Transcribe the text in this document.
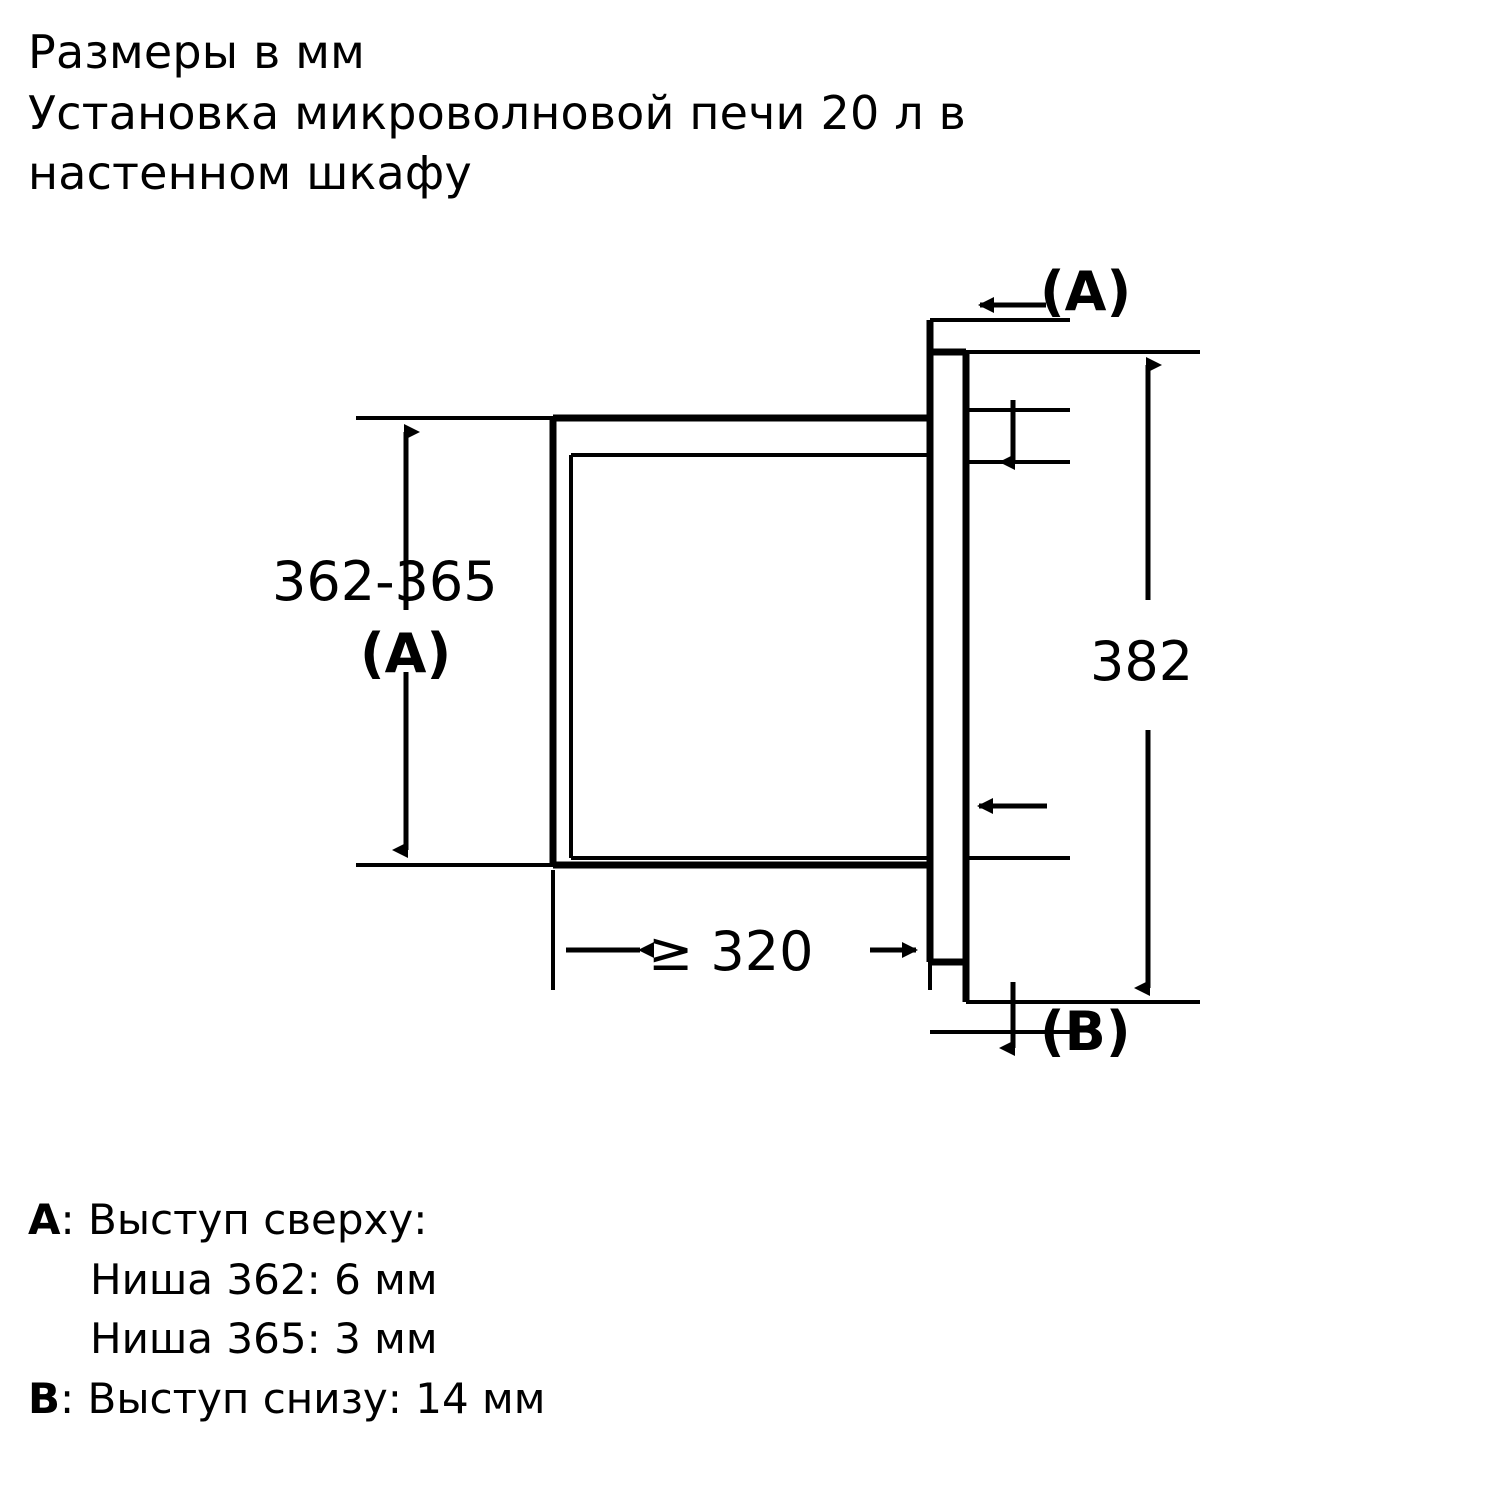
Размеры в мм
Установка микроволновой печи 20 л в
настенном шкафу
362-365
(A)
≥ 320
(A)
382
(B)
A: Выступ сверху:
Ниша 362: 6 мм
Ниша 365: 3 мм
B: Выступ снизу: 14 мм
